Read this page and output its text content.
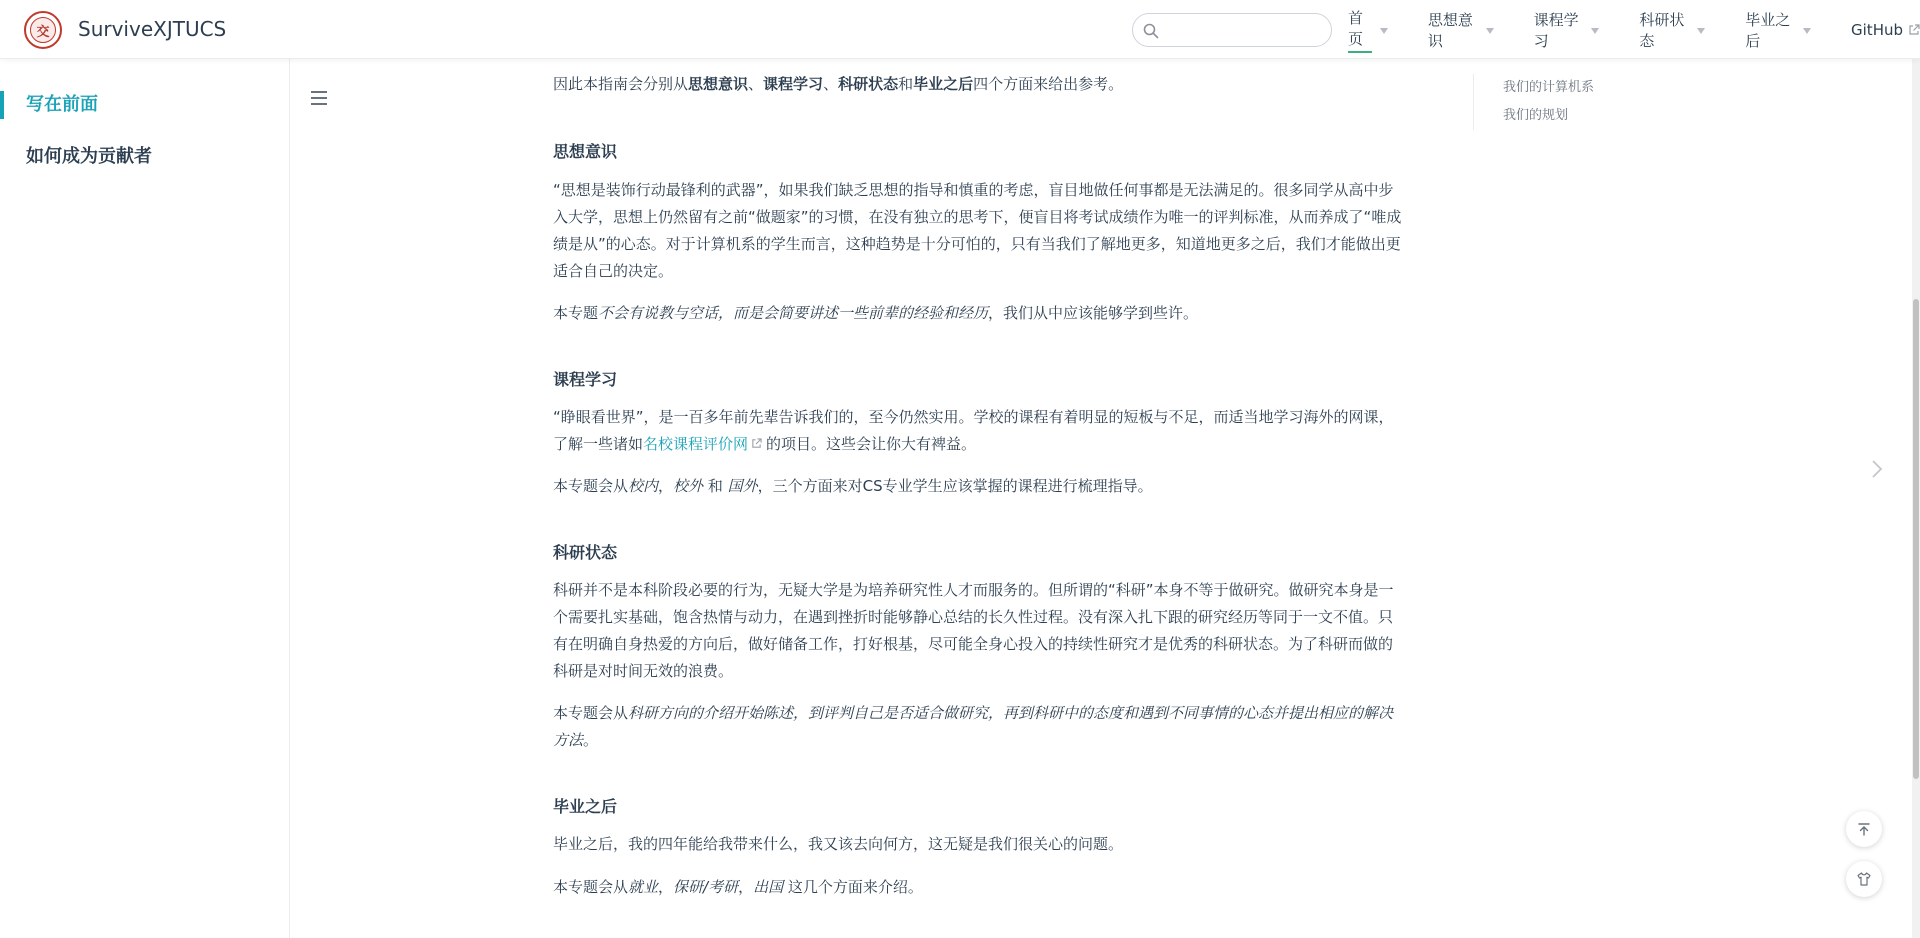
交	SurviveXJTUCS	首页
思想意识
课程学习
科研状态
毕业之后
GitHub
写在前面
如何成为贡献者
因此本指南会分别从思想意识、课程学习、科研状态和毕业之后四个方面来给出参考。
思想意识
“思想是装饰行动最锋利的武器”，如果我们缺乏思想的指导和慎重的考虑，盲目地做任何事都是无法满足的。很多同学从高中步入大学，思想上仍然留有之前“做题家”的习惯，在没有独立的思考下，便盲目将考试成绩作为唯一的评判标准，从而养成了“唯成绩是从”的心态。对于计算机系的学生而言，这种趋势是十分可怕的，只有当我们了解地更多，知道地更多之后，我们才能做出更适合自己的决定。
本专题不会有说教与空话，而是会简要讲述一些前辈的经验和经历，我们从中应该能够学到些许。
课程学习
“睁眼看世界”，是一百多年前先辈告诉我们的，至今仍然实用。学校的课程有着明显的短板与不足，而适当地学习海外的网课，了解一些诸如名校课程评价网 的项目。这些会让你大有裨益。
本专题会从校内，校外 和 国外，三个方面来对CS专业学生应该掌握的课程进行梳理指导。
科研状态
科研并不是本科阶段必要的行为，无疑大学是为培养研究性人才而服务的。但所谓的“科研”本身不等于做研究。做研究本身是一个需要扎实基础，饱含热情与动力，在遇到挫折时能够静心总结的长久性过程。没有深入扎下跟的研究经历等同于一文不值。只有在明确自身热爱的方向后，做好储备工作，打好根基，尽可能全身心投入的持续性研究才是优秀的科研状态。为了科研而做的科研是对时间无效的浪费。
本专题会从科研方向的介绍开始陈述，到评判自己是否适合做研究，再到科研中的态度和遇到不同事情的心态并提出相应的解决方法。
毕业之后
毕业之后，我的四年能给我带来什么，我又该去向何方，这无疑是我们很关心的问题。
本专题会从就业，保研/考研，出国 这几个方面来介绍。
我们的计算机系
我们的规划
